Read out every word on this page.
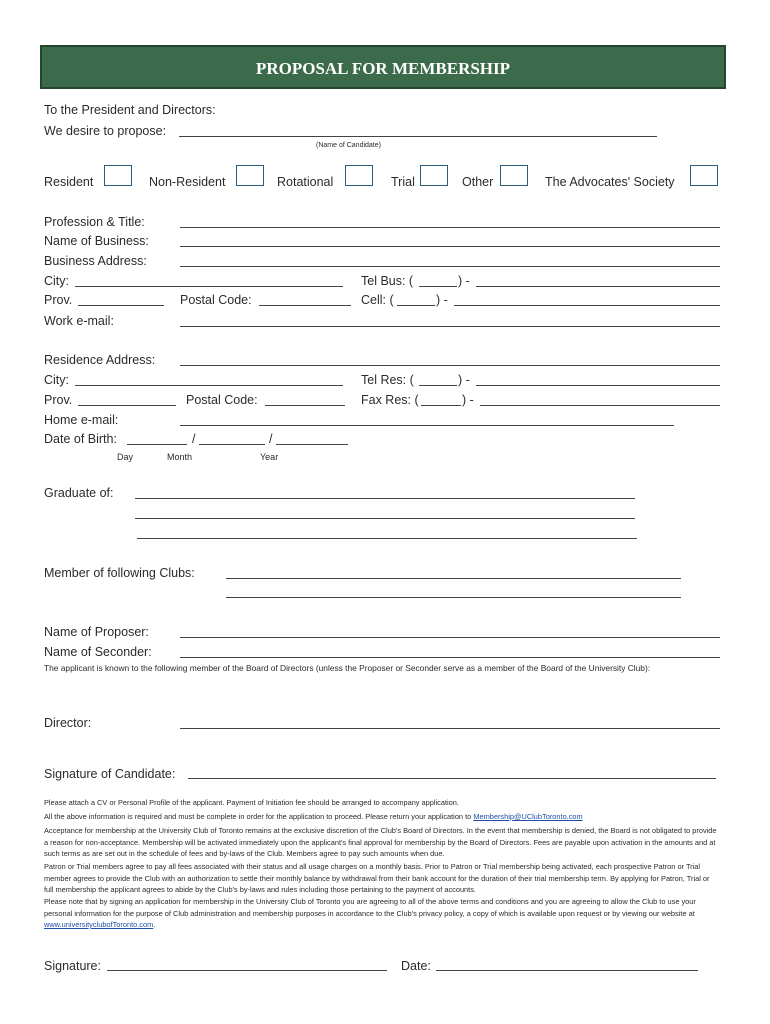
PROPOSAL FOR MEMBERSHIP
To the President and Directors:
We desire to propose:
(Name of Candidate)
Resident	Non-Resident	Rotational	Trial	Other	The Advocates' Society
Profession & Title:
Name of Business:
Business Address:
City:	Tel Bus: (	) -
Prov.	Postal Code:	Cell: (	) -
Work e-mail:
Residence Address:
City:	Tel Res: (	) -
Prov.	Postal Code:	Fax Res: (	) -
Home e-mail:
Date of Birth:	/	/
Day	Month	Year
Graduate of:
Member of following Clubs:
Name of Proposer:
Name of Seconder:
The applicant is known to the following member of the Board of Directors (unless the Proposer or Seconder serve as a member of the Board of the University Club):
Director:
Signature of Candidate:
Please attach a CV or Personal Profile of the applicant. Payment of Initiation fee should be arranged to accompany application.
All the above information is required and must be complete in order for the application to proceed. Please return your application to Membership@UClubToronto.com
Acceptance for membership at the University Club of Toronto remains at the exclusive discretion of the Club's Board of Directors. In the event that membership is denied, the Board is not obligated to provide a reason for non-acceptance. Membership will be activated immediately upon the applicant's final approval for membership by the Board of Directors. Fees are payable upon activation in the amounts and at such terms as are set out in the schedule of fees and by-laws of the Club. Members agree to pay such amounts when due.
Patron or Trial members agree to pay all fees associated with their status and all usage charges on a monthly basis. Prior to Patron or Trial membership being activated, each prospective Patron or Trial member agrees to provide the Club with an authorization to settle their monthly balance by withdrawal from their bank account for the duration of their trial membership term. By applying for Patron, Trial or full membership the applicant agrees to abide by the Club's by-laws and rules including those pertaining to the payment of accounts.
Please note that by signing an application for membership in the University Club of Toronto you are agreeing to all of the above terms and conditions and you are agreeing to allow the Club to use your personal information for the purpose of Club administration and membership purposes in accordance to the Club's privacy policy, a copy of which is available upon request or by viewing our website at www.universityclubofToronto.com.
Signature:	Date:
